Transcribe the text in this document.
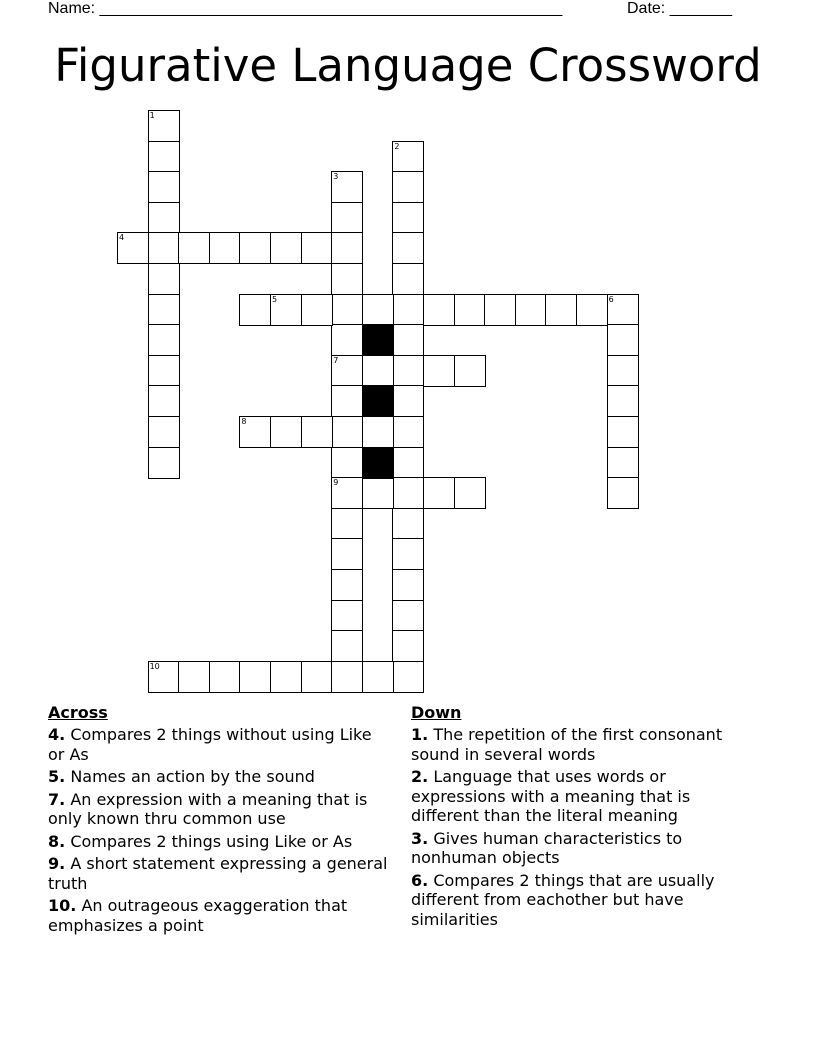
Name: ____________________________________________________	Date: _______
Figurative Language Crossword
1
4
3
7
9
2
5	6
8
10
Across
4. Compares 2 things without using Like or As
5. Names an action by the sound
7. An expression with a meaning that is only known thru common use
8. Compares 2 things using Like or As
9. A short statement expressing a general truth
10. An outrageous exaggeration that emphasizes a point
Down
1. The repetition of the first consonant sound in several words
2. Language that uses words or expressions with a meaning that is different than the literal meaning
3. Gives human characteristics to nonhuman objects
6. Compares 2 things that are usually different from eachother but have similarities
